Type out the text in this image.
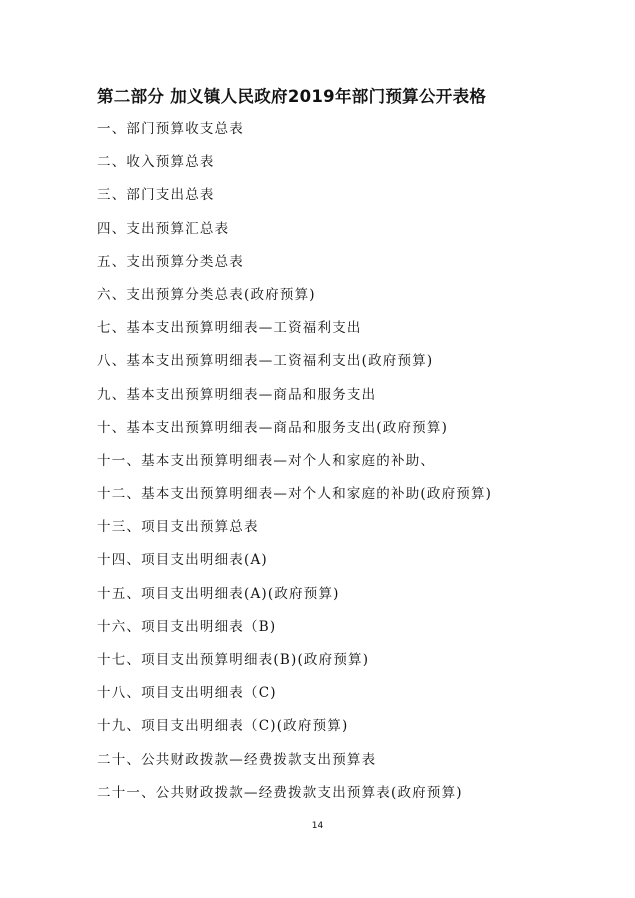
第二部分 加义镇人民政府2019年部门预算公开表格
一、部门预算收支总表
二、收入预算总表
三、部门支出总表
四、支出预算汇总表
五、支出预算分类总表
六、支出预算分类总表(政府预算)
七、基本支出预算明细表—工资福利支出
八、基本支出预算明细表—工资福利支出(政府预算)
九、基本支出预算明细表—商品和服务支出
十、基本支出预算明细表—商品和服务支出(政府预算)
十一、基本支出预算明细表—对个人和家庭的补助、
十二、基本支出预算明细表—对个人和家庭的补助(政府预算)
十三、项目支出预算总表
十四、项目支出明细表(A)
十五、项目支出明细表(A)(政府预算)
十六、项目支出明细表（B)
十七、项目支出预算明细表(B)(政府预算)
十八、项目支出明细表（C)
十九、项目支出明细表（C)(政府预算)
二十、公共财政拨款—经费拨款支出预算表
二十一、公共财政拨款—经费拨款支出预算表(政府预算)
14
